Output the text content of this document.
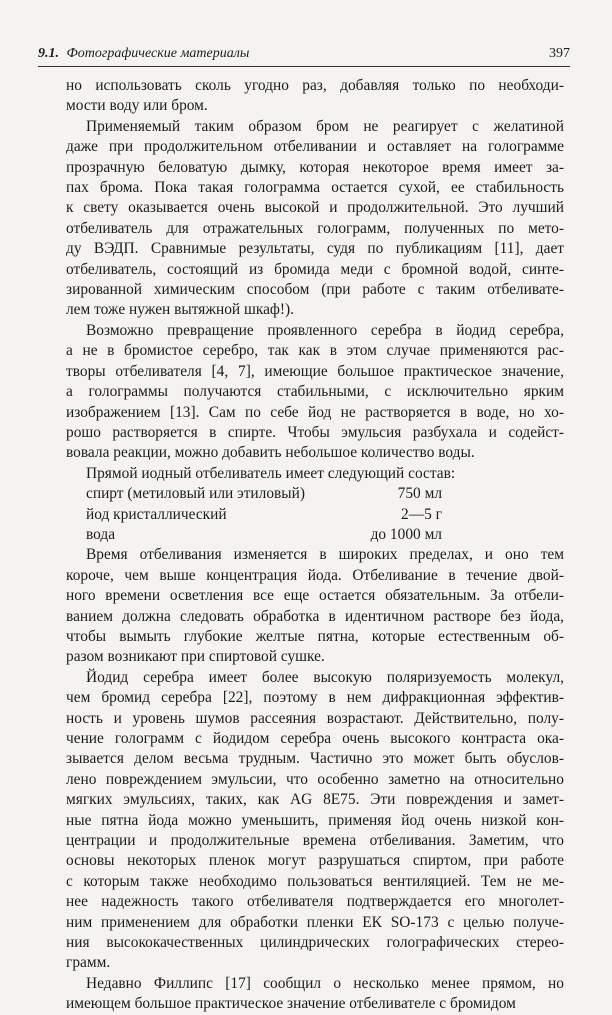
9.1. Фотографические материалы	397

но использовать сколь угодно раз, добавляя только по необходи-
мости воду или бром.

Применяемый таким образом бром не реагирует с желатиной
даже при продолжительном отбеливании и оставляет на голограмме
прозрачную беловатую дымку, которая некоторое время имеет за-
пах брома. Пока такая голограмма остается сухой, ее стабильность
к свету оказывается очень высокой и продолжительной. Это лучший
отбеливатель для отражательных голограмм, полученных по мето-
ду ВЭДП. Сравнимые результаты, судя по публикациям [11], дает
отбеливатель, состоящий из бромида меди с бромной водой, синте-
зированной химическим способом (при работе с таким отбеливате-
лем тоже нужен вытяжной шкаф!).

Возможно превращение проявленного серебра в йодид серебра,
а не в бромистое серебро, так как в этом случае применяются рас-
творы отбеливателя [4, 7], имеющие большое практическое значение,
а голограммы получаются стабильными, с исключительно ярким
изображением [13]. Сам по себе йод не растворяется в воде, но хо-
рошо растворяется в спирте. Чтобы эмульсия разбухала и содейст-
вовала реакции, можно добавить небольшое количество воды.

Прямой иодный отбеливатель имеет следующий состав:

спирт (метиловый или этиловый)	750 мл
йод кристаллический	2—5 г
вода	до 1000 мл

Время отбеливания изменяется в широких пределах, и оно тем
короче, чем выше концентрация йода. Отбеливание в течение двой-
ного времени осветления все еще остается обязательным. За отбели-
ванием должна следовать обработка в идентичном растворе без йода,
чтобы вымыть глубокие желтые пятна, которые естественным об-
разом возникают при спиртовой сушке.

Йодид серебра имеет более высокую поляризуемость молекул,
чем бромид серебра [22], поэтому в нем дифракционная эффектив-
ность и уровень шумов рассеяния возрастают. Действительно, полу-
чение голограмм с йодидом серебра очень высокого контраста ока-
зывается делом весьма трудным. Частично это может быть обуслов-
лено повреждением эмульсии, что особенно заметно на относительно
мягких эмульсиях, таких, как AG 8E75. Эти повреждения и замет-
ные пятна йода можно уменьшить, применяя йод очень низкой кон-
центрации и продолжительные времена отбеливания. Заметим, что
основы некоторых пленок могут разрушаться спиртом, при работе
с которым также необходимо пользоваться вентиляцией. Тем не ме-
нее надежность такого отбеливателя подтверждается его многолет-
ним применением для обработки пленки ЕК SO-173 с целью получе-
ния высококачественных цилиндрических голографических стерео-
грамм.

Недавно Филлипс [17] сообщил о несколько менее прямом, но
имеющем большое практическое значение отбеливателе с бромидом
